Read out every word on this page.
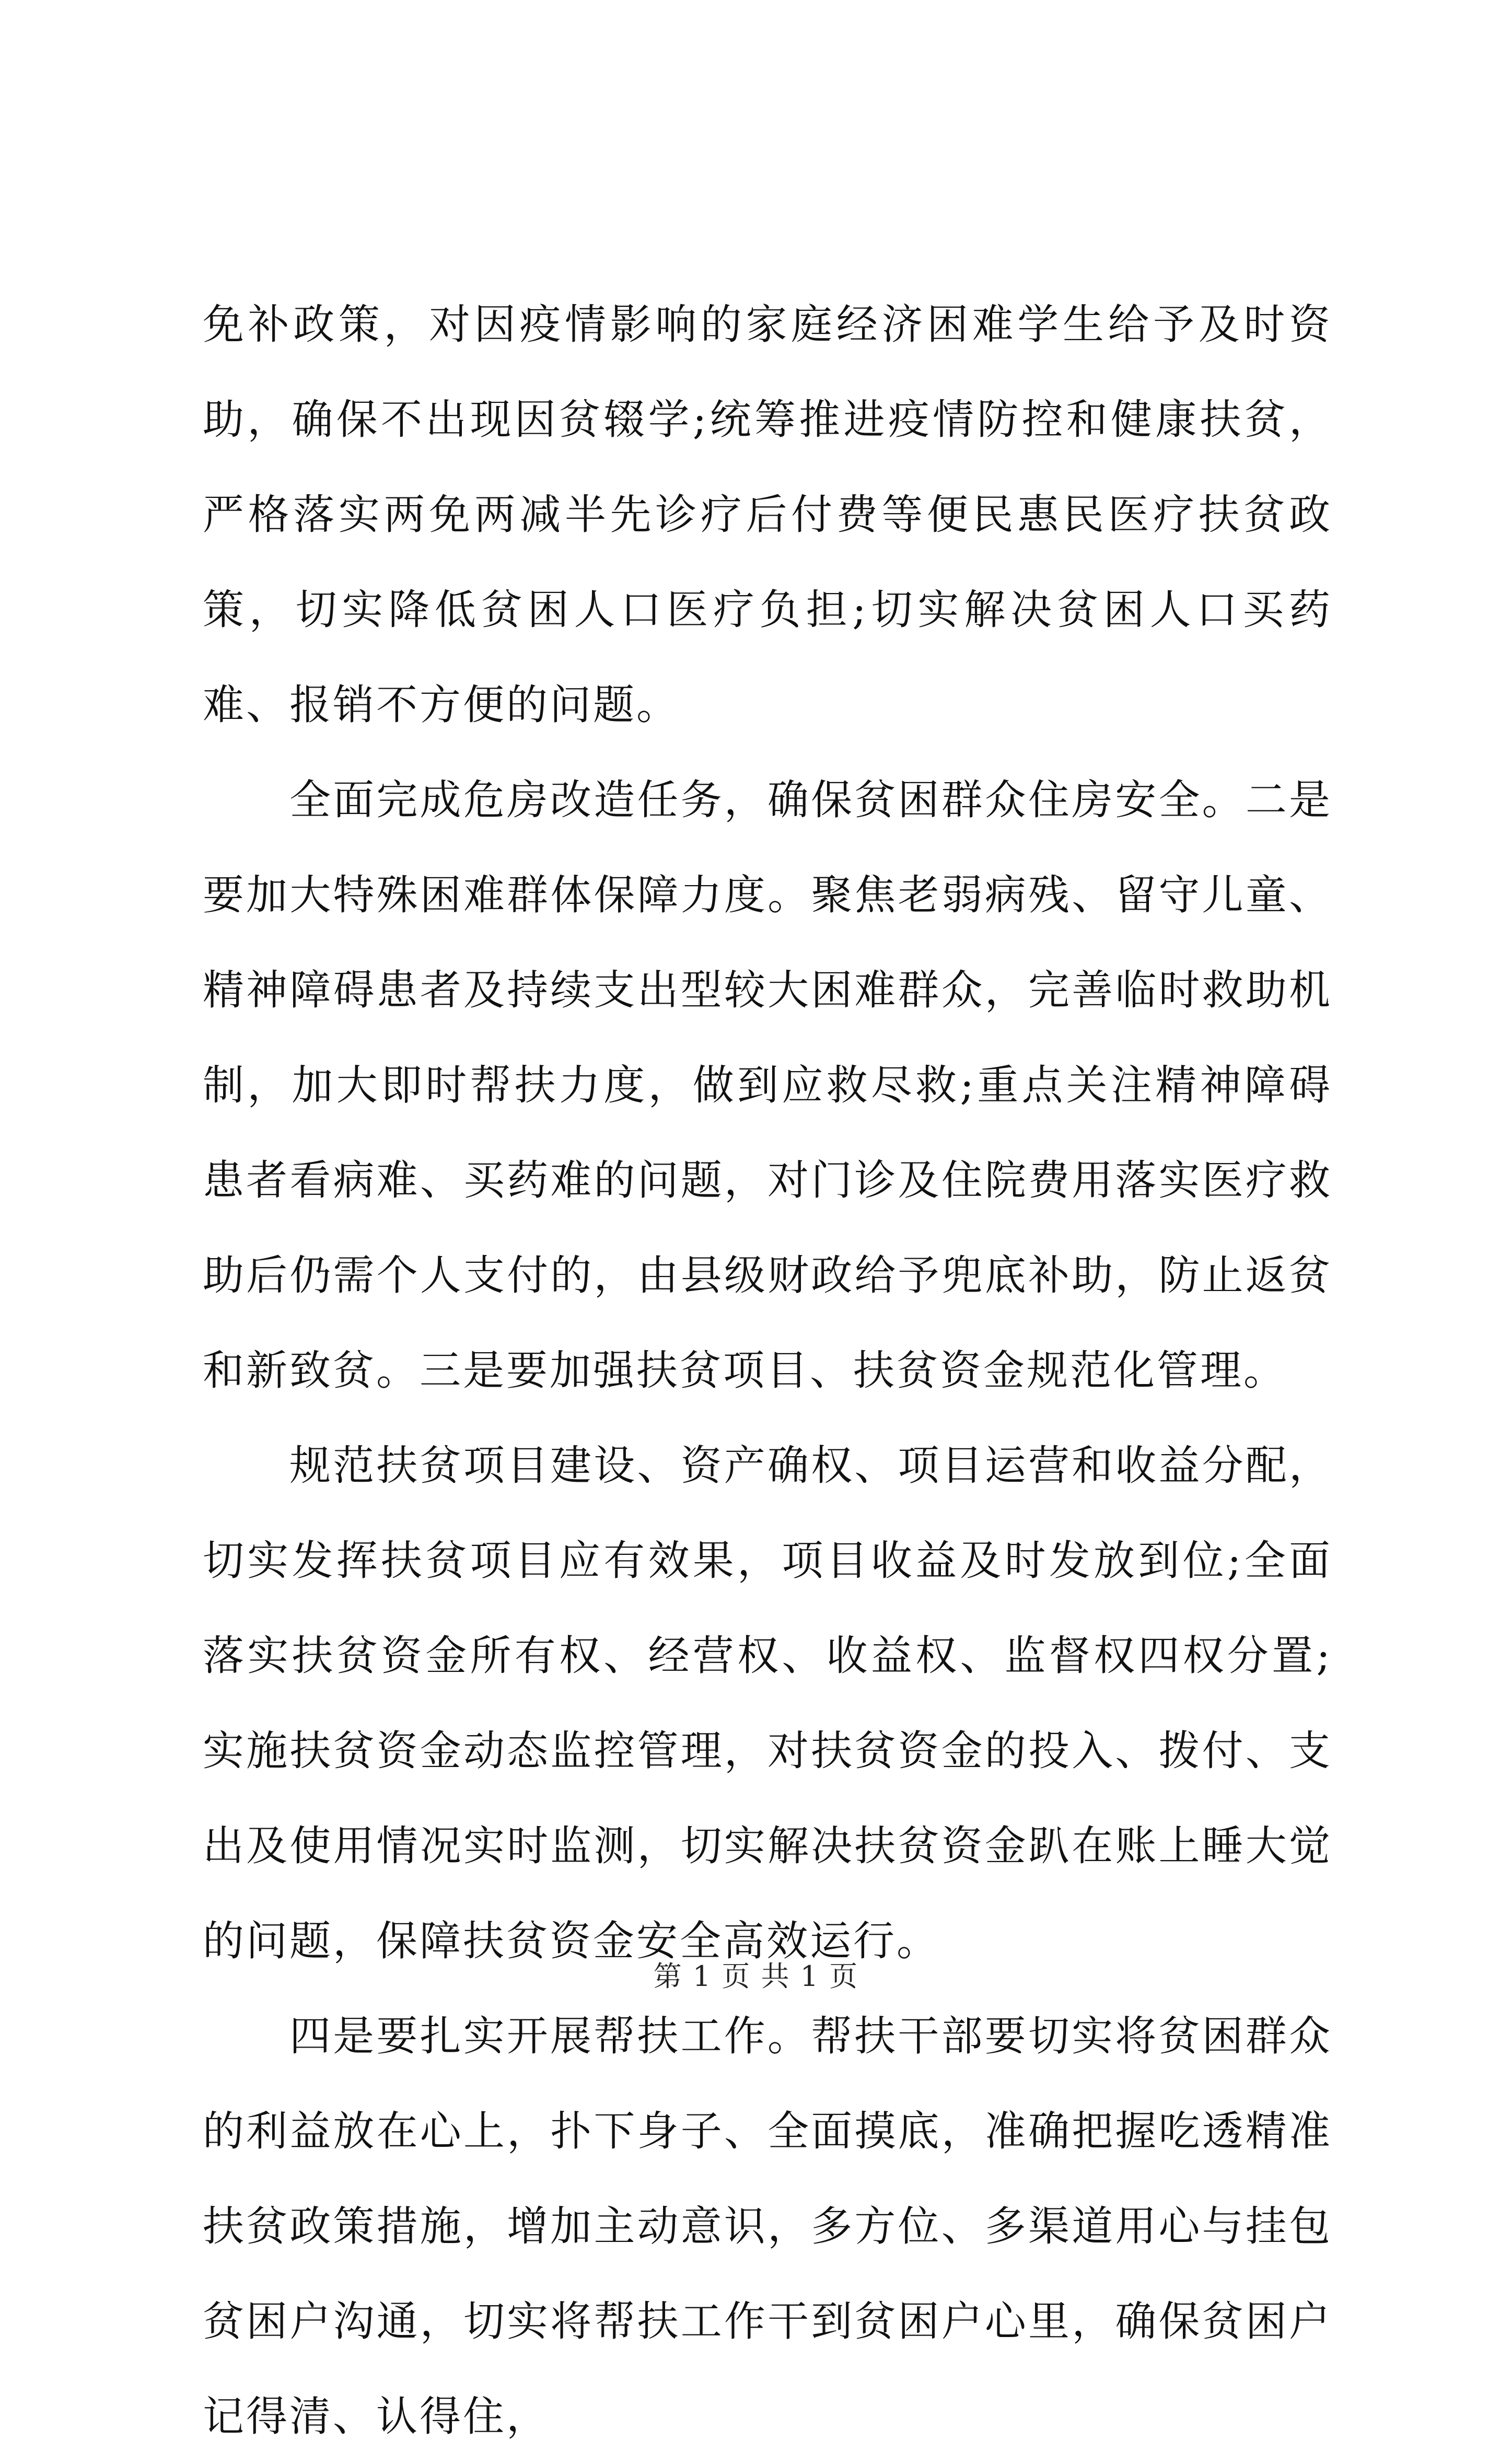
免补政策，对因疫情影响的家庭经济困难学生给予及时资助，确保不出现因贫辍学;统筹推进疫情防控和健康扶贫，严格落实两免两减半先诊疗后付费等便民惠民医疗扶贫政策，切实降低贫困人口医疗负担;切实解决贫困人口买药难、报销不方便的问题。

全面完成危房改造任务，确保贫困群众住房安全。二是要加大特殊困难群体保障力度。聚焦老弱病残、留守儿童、精神障碍患者及持续支出型较大困难群众，完善临时救助机制，加大即时帮扶力度，做到应救尽救;重点关注精神障碍患者看病难、买药难的问题，对门诊及住院费用落实医疗救助后仍需个人支付的，由县级财政给予兜底补助，防止返贫和新致贫。三是要加强扶贫项目、扶贫资金规范化管理。

规范扶贫项目建设、资产确权、项目运营和收益分配，切实发挥扶贫项目应有效果，项目收益及时发放到位;全面落实扶贫资金所有权、经营权、收益权、监督权四权分置;实施扶贫资金动态监控管理，对扶贫资金的投入、拨付、支出及使用情况实时监测，切实解决扶贫资金趴在账上睡大觉的问题，保障扶贫资金安全高效运行。

四是要扎实开展帮扶工作。帮扶干部要切实将贫困群众的利益放在心上，扑下身子、全面摸底，准确把握吃透精准扶贫政策措施，增加主动意识，多方位、多渠道用心与挂包贫困户沟通，切实将帮扶工作干到贫困户心里，确保贫困户记得清、认得住，

第 1 页 共 1 页
